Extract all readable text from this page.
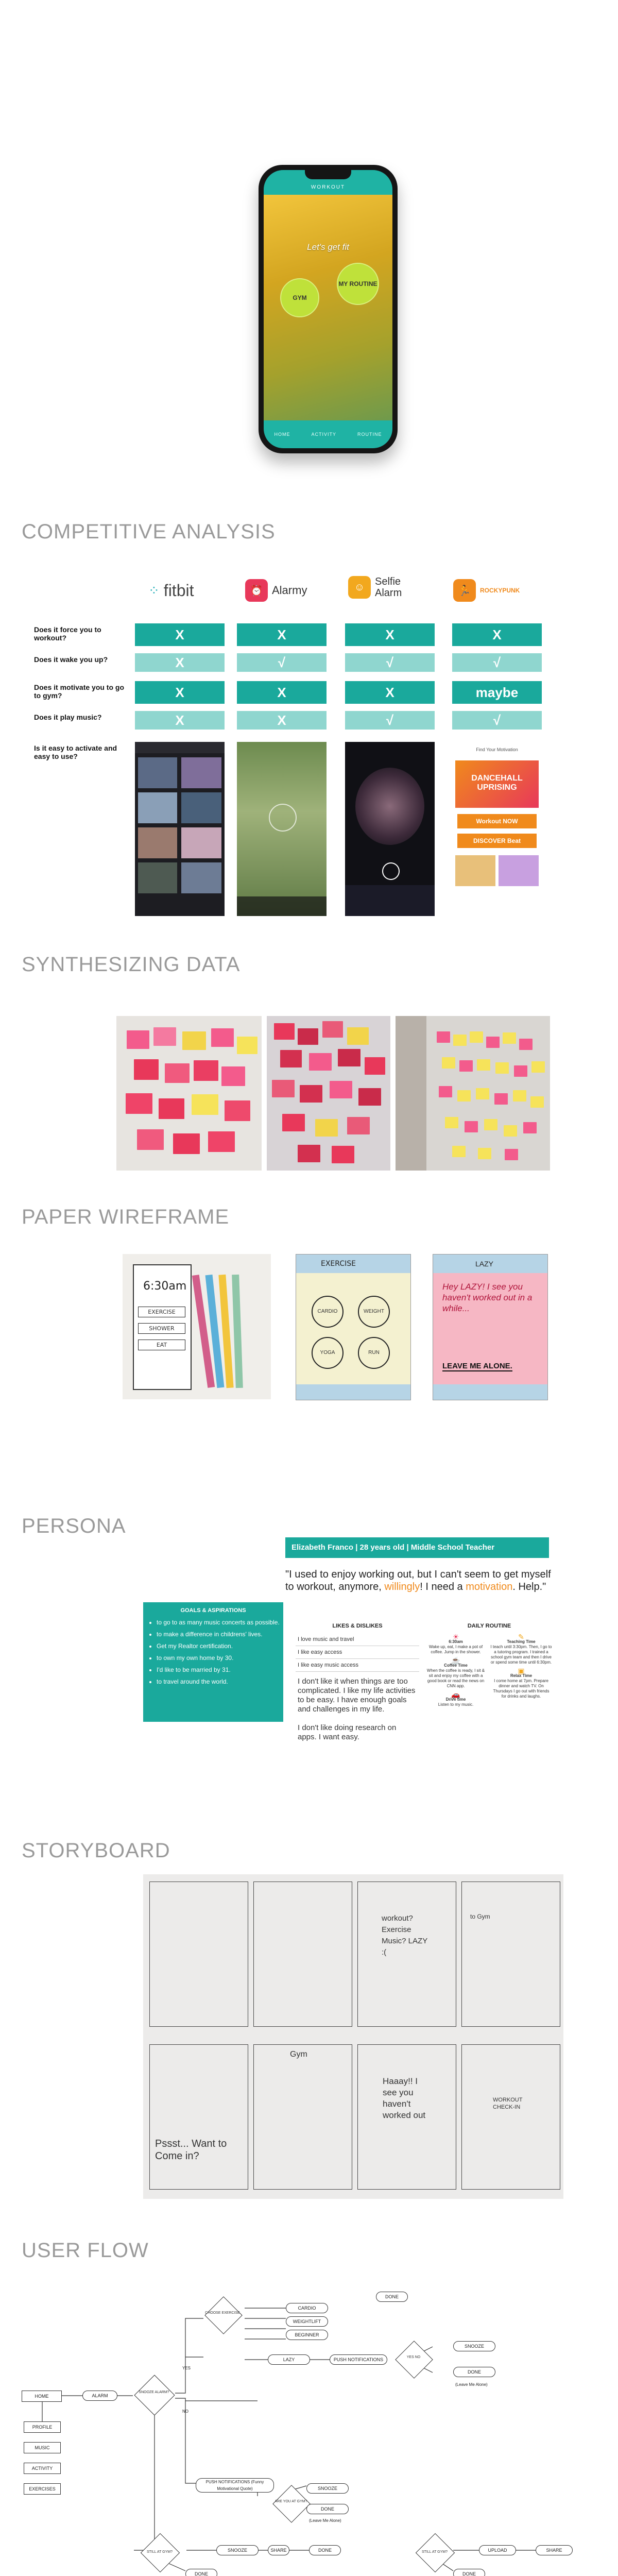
WORKOUT
Let's get fit
GYM
MY ROUTINE
HOME	ACTIVITY	ROUTINE
COMPETITIVE ANALYSIS
⁘ fitbit	⏰ Alarmy	☺ Selfie Alarm	🏃	ROCKYPUNK
Is it easy to activate and easy to use?
Find Your Motivation
DANCEHALL UPRISING
Workout NOW
DISCOVER Beat
SYNTHESIZING DATA
PAPER WIREFRAME
6:30am
EXERCISE
SHOWER
EAT
EXERCISE
CARDIO	WEIGHT
YOGA	RUN
LAZY
Hey LAZY! I see you haven't worked out in a while...
LEAVE ME ALONE.
PERSONA
Elizabeth Franco | 28 years old | Middle School Teacher
"I used to enjoy working out, but I can't seem to get myself to workout, anymore, willingly! I need a motivation. Help."
GOALS & ASPIRATIONS
• to go to as many music concerts as possible.
• to make a difference in childrens' lives.
• Get my Realtor certification.
• to own my own home by 30.
• I'd like to be married by 31.
• to travel around the world.
LIKES & DISLIKES
I love music and travel
I like easy access
I like easy music access
I don't like it when things are too complicated. I like my life activities to be easy. I have enough goals and challenges in my life.

I don't like doing research on apps. I want easy.
DAILY ROUTINE
☀
6:30am
Wake up, eat, I make a pot of coffee. Jump in the shower.
☕
Coffee Time
When the coffee is ready, I sit & sit and enjoy my coffee with a good book or read the news on CNN app.
🚗
Drive time
Listen to my music.
✎
Teaching Time
I teach until 3:30pm. Then, I go to a tutoring program. I trained a school gym team and then I drive or spend some time until 6:30pm.
▣
Relax Time
I come home at 7pm. Prepare dinner and watch TV. On Thursdays I go out with friends for drinks and laughs.
STORYBOARD
workout? Exercise Music? LAZY :(
to Gym
Pssst... Want to Come in?
Gym
Haaay!! I see you haven't worked out
WORKOUT CHECK-IN
USER FLOW
HOME	ALARM
SNOOZE ALARM?
YES
NO
PROFILE
MUSIC
ACTIVITY
EXERCISES
CHOOSE EXERCISE
CARDIO
WEIGHTLIFT
BEGINNER
LAZY	PUSH NOTIFICATIONS
DONE
YES NO
SNOOZE
DONE
(Leave Me Alone)
PUSH NOTIFICATIONS (Funny Motivational Quote)
ARE YOU AT GYM?
SNOOZE
DONE
(Leave Me Alone)
STILL AT GYM?	SNOOZE	SHARE	DONE
DONE
STILL AT GYM?	UPLOAD	SHARE
DONE
Does it force you to workout?	X	X	X	X
Does it wake you up?	X	√	√	√
Does it motivate you to go to gym?	X	X	X	maybe
Does it play music?	X	X	√	√
